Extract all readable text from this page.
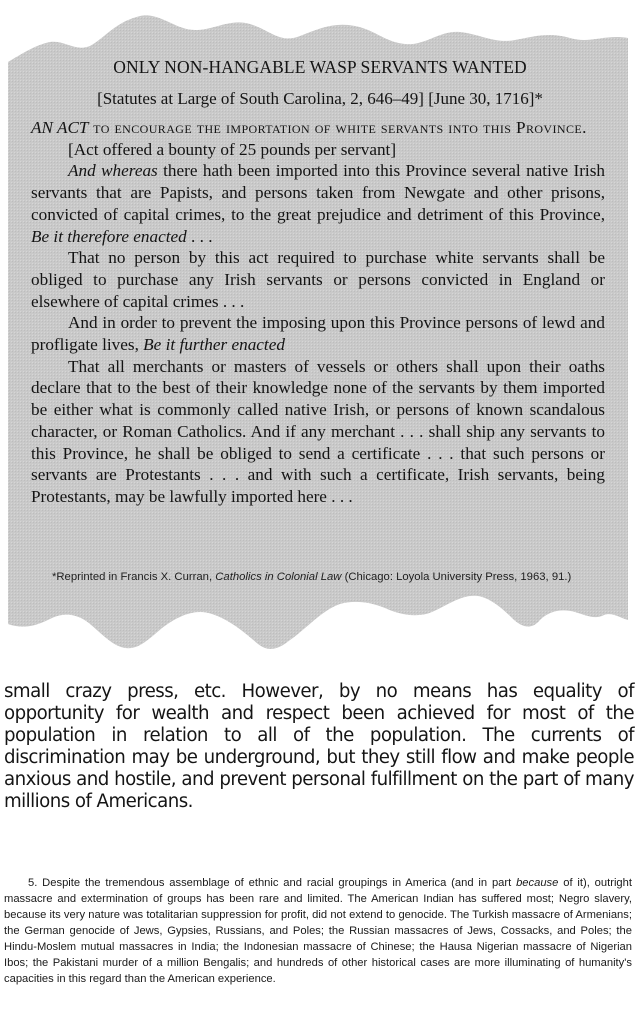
ONLY NON-HANGABLE WASP SERVANTS WANTED
[Statutes at Large of South Carolina, 2, 646–49] [June 30, 1716]*

AN ACT to encourage the importation of white servants into this Province.

[Act offered a bounty of 25 pounds per servant]

And whereas there hath been imported into this Province several native Irish servants that are Papists, and persons taken from Newgate and other prisons, convicted of capital crimes, to the great prejudice and detriment of this Province, Be it therefore enacted . . .

That no person by this act required to purchase white servants shall be obliged to purchase any Irish servants or persons convicted in England or elsewhere of capital crimes . . .

And in order to prevent the imposing upon this Province persons of lewd and profligate lives, Be it further enacted

That all merchants or masters of vessels or others shall upon their oaths declare that to the best of their knowledge none of the servants by them imported be either what is commonly called native Irish, or persons of known scandalous character, or Roman Catholics. And if any merchant . . . shall ship any servants to this Province, he shall be obliged to send a certificate . . . that such persons or servants are Protestants . . . and with such a certificate, Irish servants, being Protestants, may be lawfully imported here . . .

*Reprinted in Francis X. Curran, Catholics in Colonial Law (Chicago: Loyola University Press, 1963, 91.)
small crazy press, etc. However, by no means has equality of opportunity for wealth and respect been achieved for most of the population in relation to all of the population. The currents of discrimination may be underground, but they still flow and make people anxious and hostile, and prevent personal fulfillment on the part of many millions of Americans.
5. Despite the tremendous assemblage of ethnic and racial groupings in America (and in part because of it), outright massacre and extermination of groups has been rare and limited. The American Indian has suffered most; Negro slavery, because its very nature was totalitarian suppression for profit, did not extend to genocide. The Turkish massacre of Armenians; the German genocide of Jews, Gypsies, Russians, and Poles; the Russian massacres of Jews, Cossacks, and Poles; the Hindu-Moslem mutual massacres in India; the Indonesian massacre of Chinese; the Hausa Nigerian massacre of Nigerian Ibos; the Pakistani murder of a million Bengalis; and hundreds of other historical cases are more illuminating of humanity's capacities in this regard than the American experience.
